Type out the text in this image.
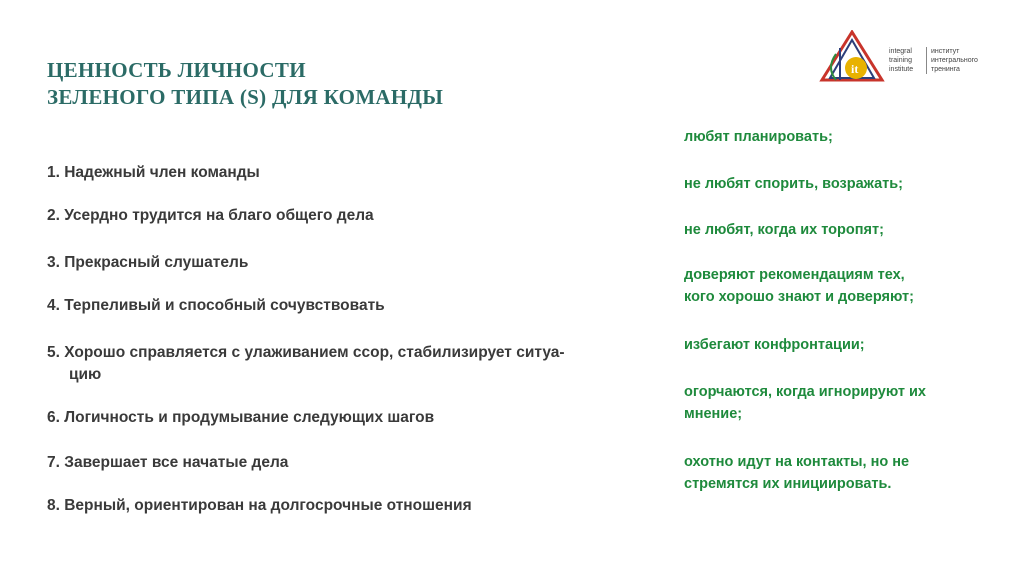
ЦЕННОСТЬ ЛИЧНОСТИ
ЗЕЛЕНОГО ТИПА (S) ДЛЯ КОМАНДЫ
1. Надежный член команды
2. Усердно трудится на благо общего дела
3. Прекрасный слушатель
4. Терпеливый и способный сочувствовать
5. Хорошо справляется с улаживанием ссор, стабилизирует ситуа-
цию
6. Логичность и продумывание следующих шагов
7. Завершает все начатые дела
8. Верный, ориентирован на долгосрочные отношения
любят планировать;
не любят спорить, возражать;
не любят, когда их торопят;
доверяют рекомендациям тех,
кого хорошо знают и доверяют;
избегают конфронтации;
огорчаются, когда игнорируют их
мнение;
охотно идут на контакты, но не
стремятся их инициировать.
it
integral
training
institute
институт
интегрального
тренинга
